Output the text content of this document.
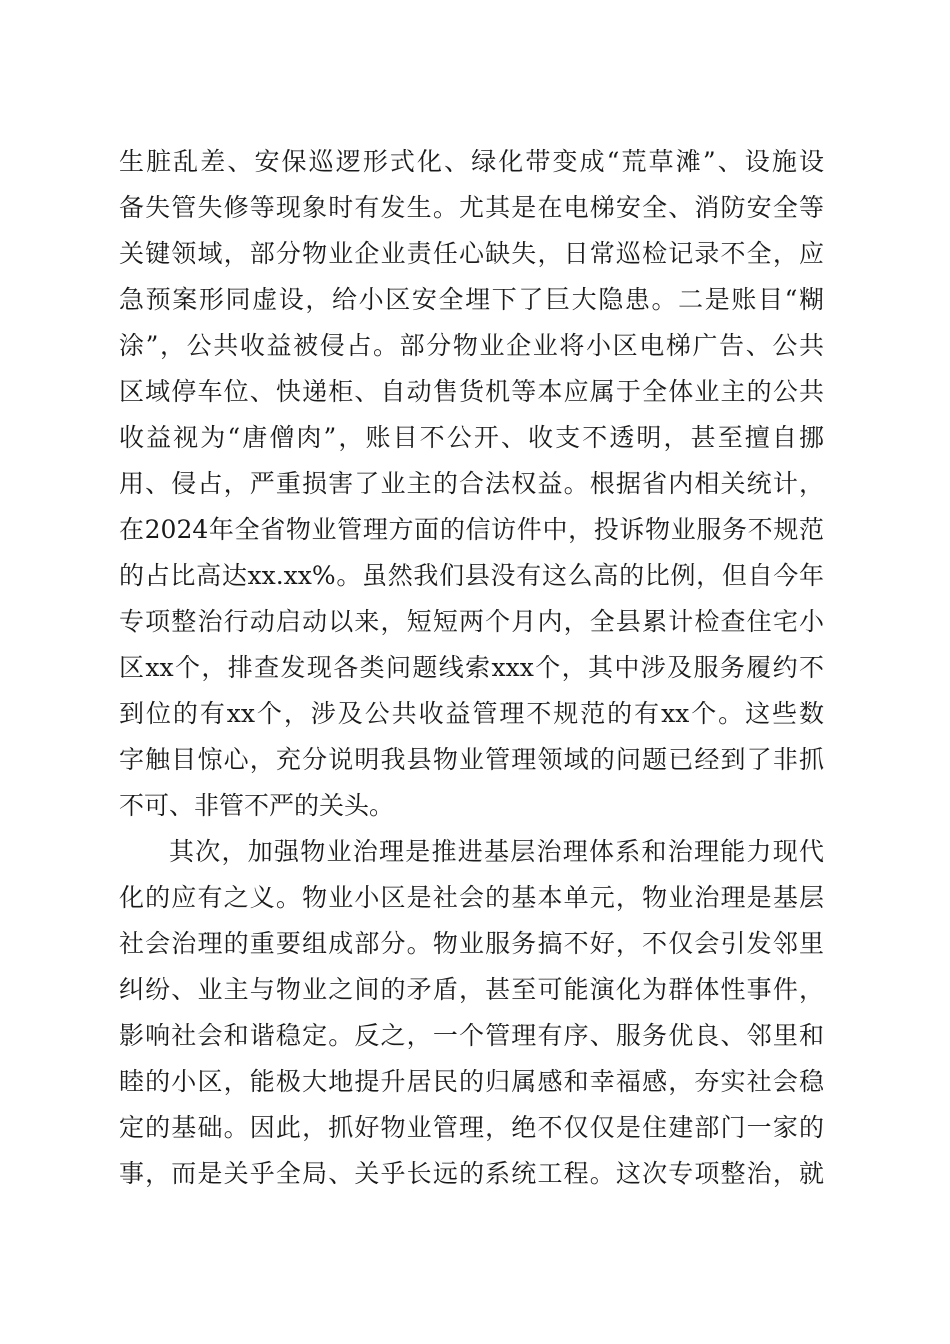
生脏乱差、安保巡逻形式化、绿化带变成“荒草滩”、设施设
备失管失修等现象时有发生。尤其是在电梯安全、消防安全等
关键领域，部分物业企业责任心缺失，日常巡检记录不全，应
急预案形同虚设，给小区安全埋下了巨大隐患。二是账目“糊
涂”，公共收益被侵占。部分物业企业将小区电梯广告、公共
区域停车位、快递柜、自动售货机等本应属于全体业主的公共
收益视为“唐僧肉”，账目不公开、收支不透明，甚至擅自挪
用、侵占，严重损害了业主的合法权益。根据省内相关统计，
在2024年全省物业管理方面的信访件中，投诉物业服务不规范
的占比高达xx.xx%。虽然我们县没有这么高的比例，但自今年
专项整治行动启动以来，短短两个月内，全县累计检查住宅小
区xx个，排查发现各类问题线索xxx个，其中涉及服务履约不
到位的有xx个，涉及公共收益管理不规范的有xx个。这些数
字触目惊心，充分说明我县物业管理领域的问题已经到了非抓
不可、非管不严的关头。
其次，加强物业治理是推进基层治理体系和治理能力现代
化的应有之义。物业小区是社会的基本单元，物业治理是基层
社会治理的重要组成部分。物业服务搞不好，不仅会引发邻里
纠纷、业主与物业之间的矛盾，甚至可能演化为群体性事件，
影响社会和谐稳定。反之，一个管理有序、服务优良、邻里和
睦的小区，能极大地提升居民的归属感和幸福感，夯实社会稳
定的基础。因此，抓好物业管理，绝不仅仅是住建部门一家的
事，而是关乎全局、关乎长远的系统工程。这次专项整治，就
